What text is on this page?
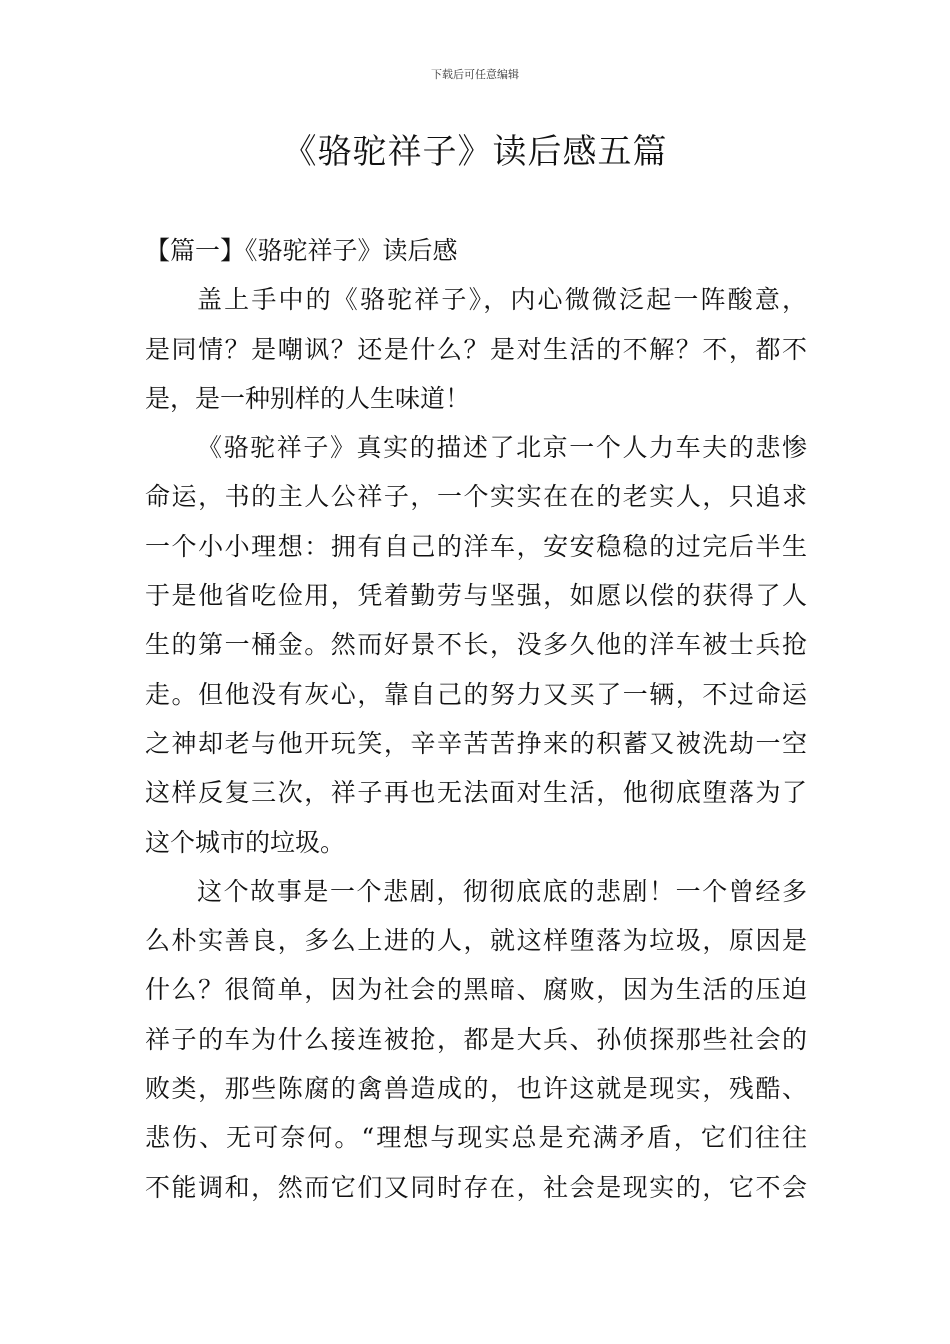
下载后可任意编辑
《骆驼祥子》读后感五篇
【篇一】《骆驼祥子》读后感
盖上手中的《骆驼祥子》，内心微微泛起一阵酸意，
是同情？是嘲讽？还是什么？是对生活的不解？不，都不
是，是一种别样的人生味道！
《骆驼祥子》真实的描述了北京一个人力车夫的悲惨
命运，书的主人公祥子，一个实实在在的老实人，只追求
一个小小理想：拥有自己的洋车，安安稳稳的过完后半生
于是他省吃俭用，凭着勤劳与坚强，如愿以偿的获得了人
生的第一桶金。然而好景不长，没多久他的洋车被士兵抢
走。但他没有灰心，靠自己的努力又买了一辆，不过命运
之神却老与他开玩笑，辛辛苦苦挣来的积蓄又被洗劫一空
这样反复三次，祥子再也无法面对生活，他彻底堕落为了
这个城市的垃圾。
这个故事是一个悲剧，彻彻底底的悲剧！一个曾经多
么朴实善良，多么上进的人，就这样堕落为垃圾，原因是
什么？很简单，因为社会的黑暗、腐败，因为生活的压迫
祥子的车为什么接连被抢，都是大兵、孙侦探那些社会的
败类，那些陈腐的禽兽造成的，也许这就是现实，残酷、
悲伤、无可奈何。“理想与现实总是充满矛盾，它们往往
不能调和，然而它们又同时存在，社会是现实的，它不会
